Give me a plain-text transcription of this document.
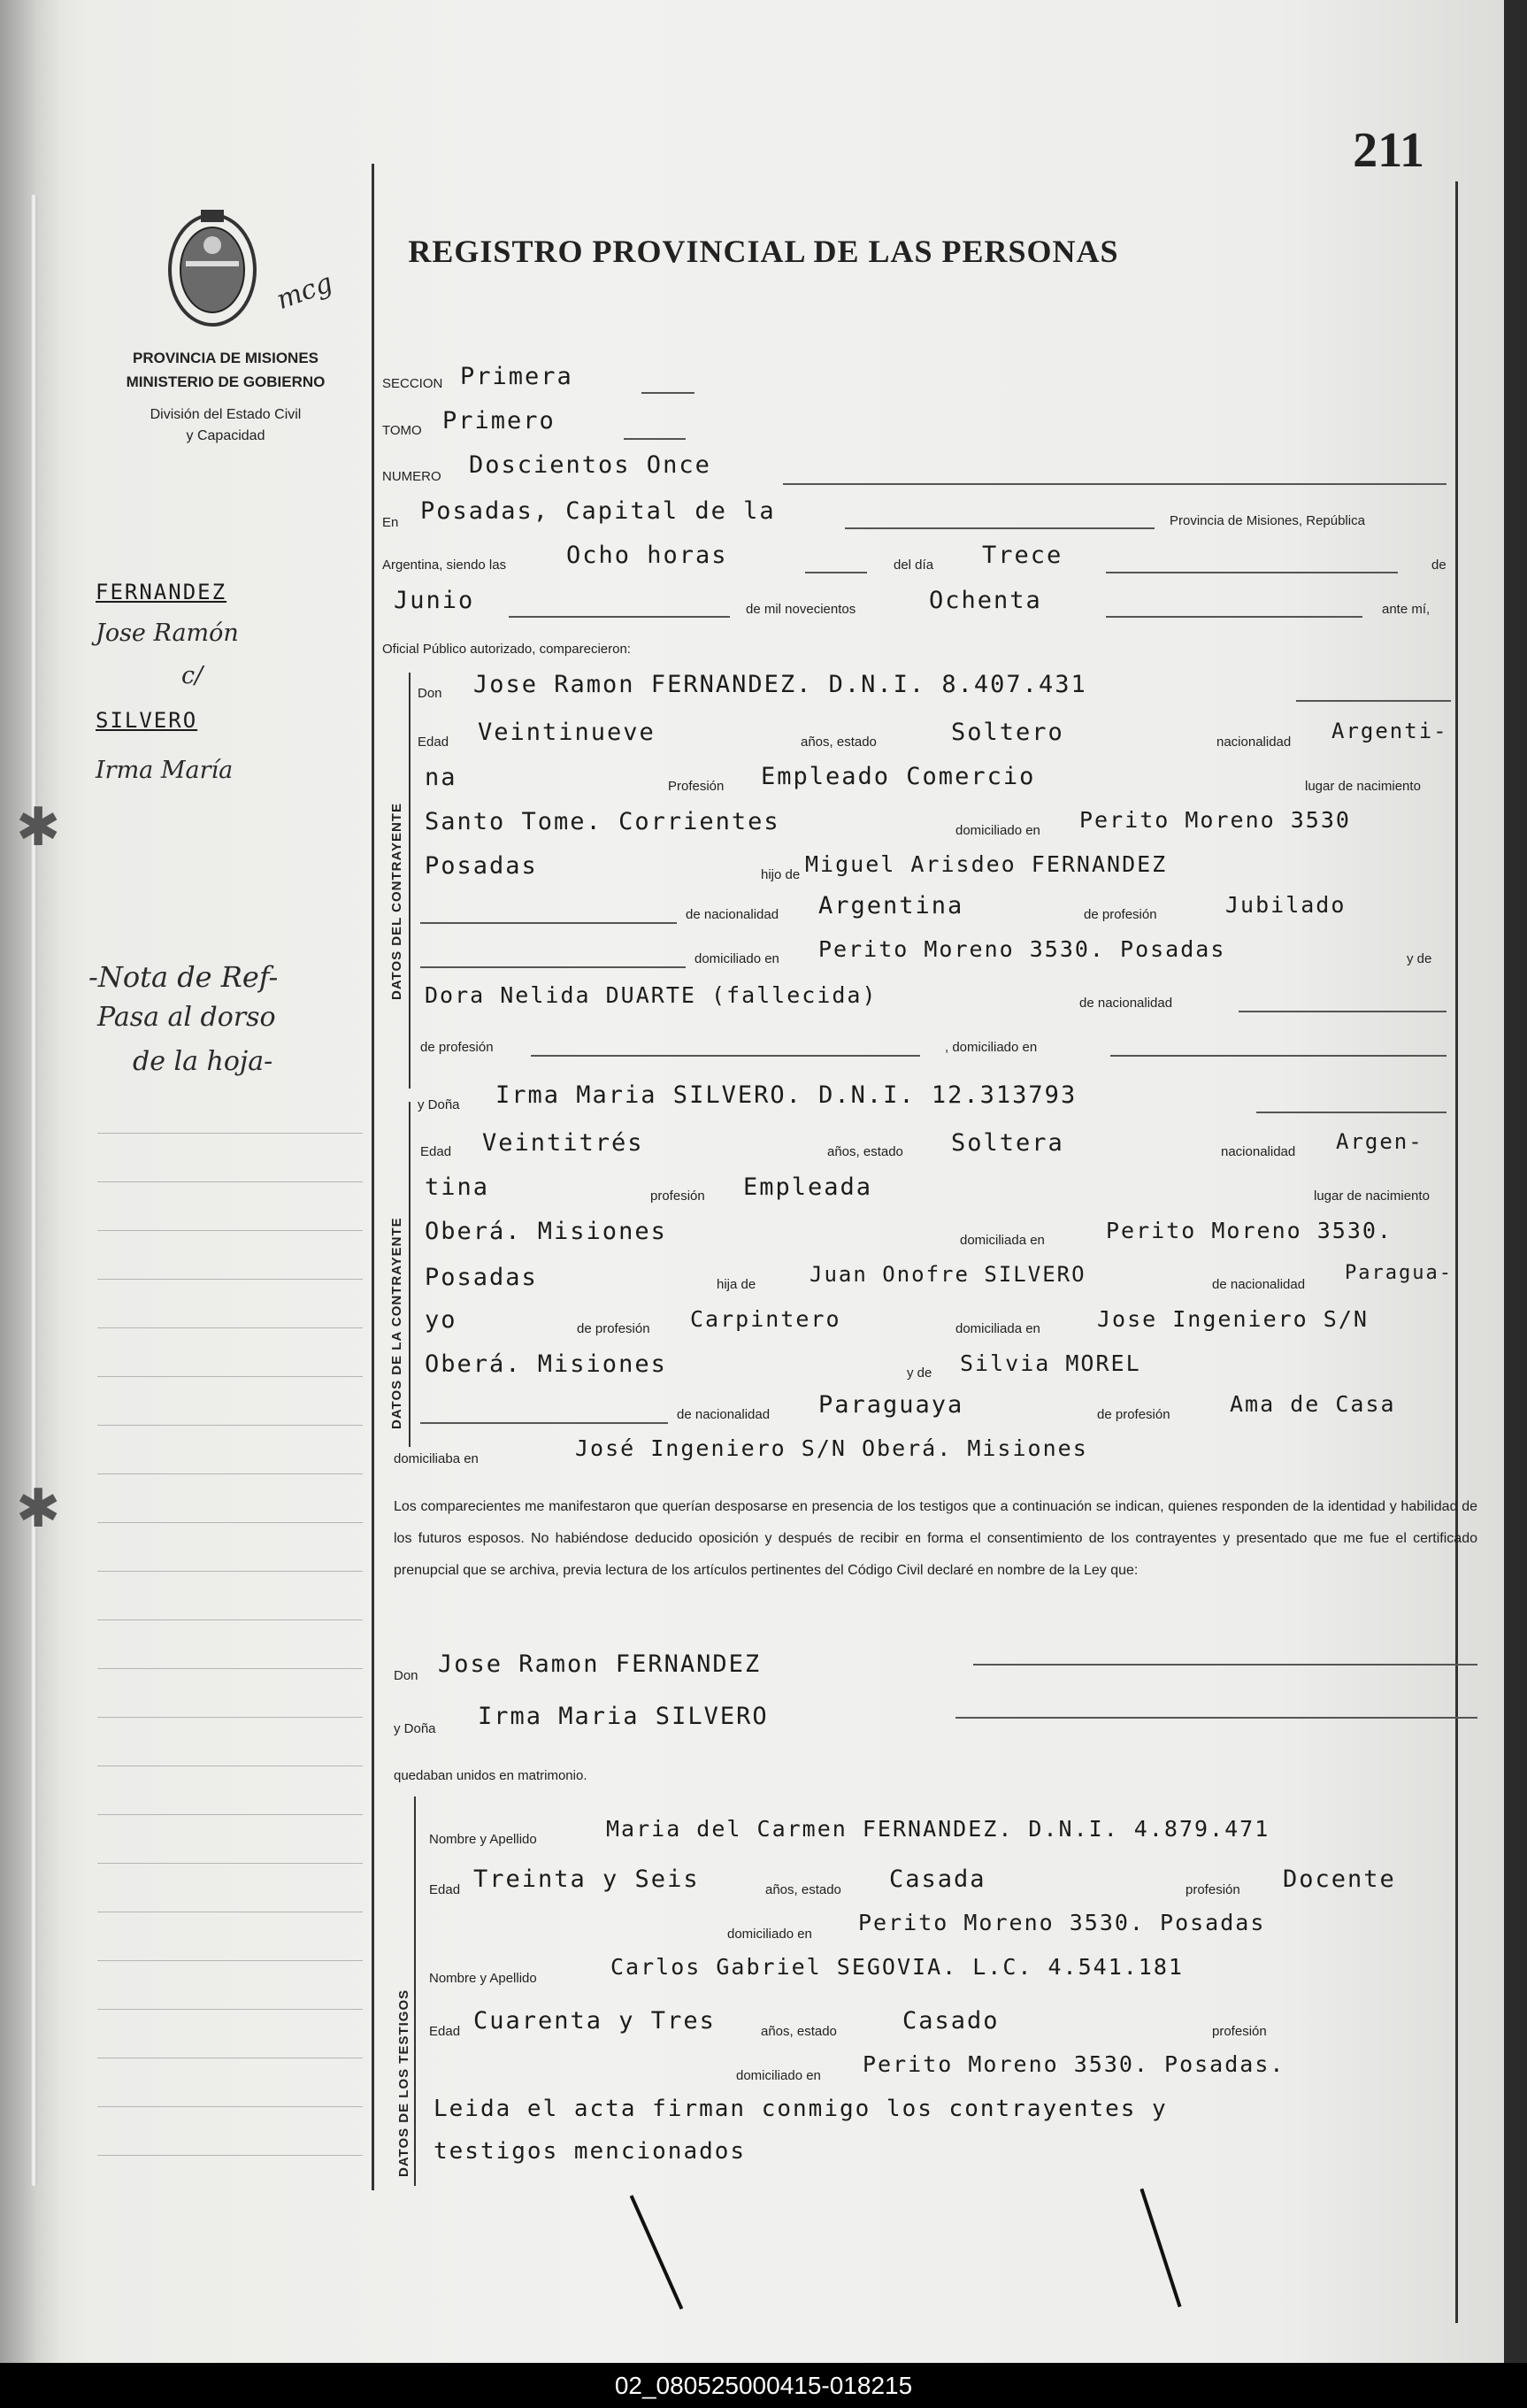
✱
✱
211
REGISTRO PROVINCIAL DE LAS PERSONAS
mcg
PROVINCIA DE MISIONES
MINISTERIO DE GOBIERNO
División del Estado Civil
y Capacidad
FERNANDEZ
Jose Ramón
c/
SILVERO
Irma María
-Nota de Ref-
Pasa al dorso
de la hoja-
DATOS DEL CONTRAYENTE
DATOS DE LA CONTRAYENTE
DATOS DE LOS TESTIGOS
SECCION Primera
TOMO Primero
NUMERO Doscientos Once
En Posadas, Capital de la	Provincia de Misiones, República
Argentina, siendo las	Ocho horas	del día Trece	de
Junio	de mil novecientos	Ochenta	ante mí,
Oficial Público autorizado, comparecieron:
Don Jose Ramon FERNANDEZ. D.N.I. 8.407.431
Edad Veintinueve	años, estado	Soltero	nacionalidad Argenti-
na	Profesión Empleado Comercio	lugar de nacimiento
Santo Tome. Corrientes	domiciliado en Perito Moreno 3530
Posadas	hijo de Miguel Arisdeo FERNANDEZ
de nacionalidad Argentina	de profesión	Jubilado
domiciliado en Perito Moreno 3530. Posadas	y de
Dora Nelida DUARTE (fallecida)	de nacionalidad
de profesión	, domiciliado en
y Doña Irma Maria SILVERO. D.N.I. 12.313793
Edad Veintitrés	años, estado Soltera	nacionalidad Argen-
tina	profesión Empleada	lugar de nacimiento
Oberá. Misiones	domiciliada en	Perito Moreno 3530.
Posadas	hija de	Juan Onofre SILVERO	de nacionalidad
Paragua-
yo	de profesión Carpintero	domiciliada en	Jose Ingeniero S/N
Oberá. Misiones	y de Silvia MOREL
de nacionalidad Paraguaya	de profesión	Ama de Casa
domiciliaba en	José Ingeniero S/N Oberá. Misiones
Los comparecientes me manifestaron que querían desposarse en presencia de los testigos que a continuación se indican, quienes responden de la identidad y habilidad de los futuros esposos. No habiéndose deducido oposición y después de recibir en forma el consentimiento de los contrayentes y presentado que me fue el certificado prenupcial que se archiva, previa lectura de los artículos pertinentes del Código Civil declaré en nombre de la Ley que:
Don Jose Ramon FERNANDEZ
y Doña Irma Maria SILVERO
quedaban unidos en matrimonio.
Nombre y Apellido	Maria del Carmen FERNANDEZ. D.N.I. 4.879.471
Edad Treinta y Seis	años, estado Casada	profesión Docente
domiciliado en Perito Moreno 3530. Posadas
Nombre y Apellido	Carlos Gabriel SEGOVIA. L.C. 4.541.181
Edad Cuarenta y Tres	años, estado	Casado	profesión
domiciliado en Perito Moreno 3530. Posadas.
Leida el acta firman conmigo los contrayentes y
testigos mencionados
02_080525000415-018215
